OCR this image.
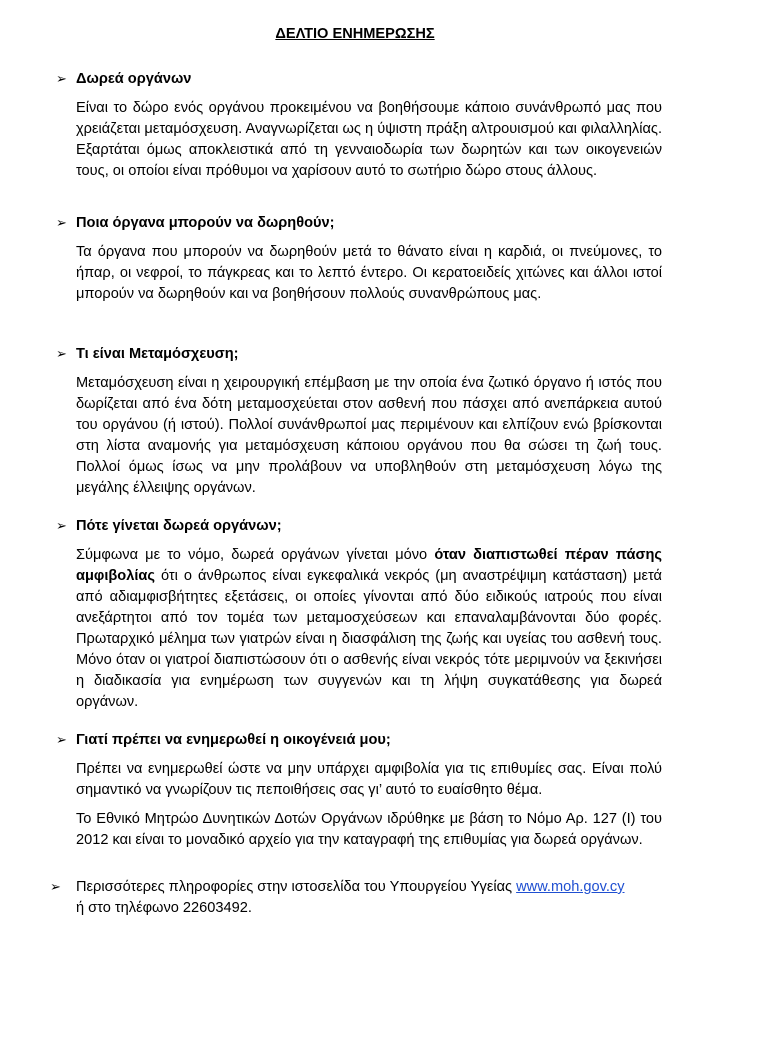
ΔΕΛΤΙΟ ΕΝΗΜΕΡΩΣΗΣ
➢ Δωρεά οργάνων

Είναι το δώρο ενός οργάνου προκειμένου να βοηθήσουμε κάποιο συνάνθρωπό μας που χρειάζεται μεταμόσχευση. Αναγνωρίζεται ως η ύψιστη πράξη αλτρουισμού και φιλαλληλίας. Εξαρτάται όμως αποκλειστικά από τη γενναιοδωρία των δωρητών και των οικογενειών τους, οι οποίοι είναι πρόθυμοι να χαρίσουν αυτό το σωτήριο δώρο στους άλλους.

➢ Ποια όργανα μπορούν να δωρηθούν;

Τα όργανα που μπορούν να δωρηθούν μετά το θάνατο είναι η καρδιά, οι πνεύμονες, το ήπαρ, οι νεφροί, το πάγκρεας και το λεπτό έντερο. Οι κερατοειδείς χιτώνες και άλλοι ιστοί μπορούν να δωρηθούν και να βοηθήσουν πολλούς συνανθρώπους μας.

➢ Τι είναι Μεταμόσχευση;

Μεταμόσχευση είναι η χειρουργική επέμβαση με την οποία ένα ζωτικό όργανο ή ιστός που δωρίζεται από ένα δότη μεταμοσχεύεται στον ασθενή που πάσχει από ανεπάρκεια αυτού του οργάνου (ή ιστού). Πολλοί συνάνθρωποί μας περιμένουν και ελπίζουν ενώ βρίσκονται στη λίστα αναμονής για μεταμόσχευση κάποιου οργάνου που θα σώσει τη ζωή τους. Πολλοί όμως ίσως να μην προλάβουν να υποβληθούν στη μεταμόσχευση λόγω της μεγάλης έλλειψης οργάνων.

➢ Πότε γίνεται δωρεά οργάνων;

Σύμφωνα με το νόμο, δωρεά οργάνων γίνεται μόνο όταν διαπιστωθεί πέραν πάσης αμφιβολίας ότι ο άνθρωπος είναι εγκεφαλικά νεκρός (μη αναστρέψιμη κατάσταση) μετά από αδιαμφισβήτητες εξετάσεις, οι οποίες γίνονται από δύο ειδικούς ιατρούς που είναι ανεξάρτητοι από τον τομέα των μεταμοσχεύσεων και επαναλαμβάνονται δύο φορές. Πρωταρχικό μέλημα των γιατρών είναι η διασφάλιση της ζωής και υγείας του ασθενή τους. Μόνο όταν οι γιατροί διαπιστώσουν ότι ο ασθενής είναι νεκρός τότε μεριμνούν να ξεκινήσει η διαδικασία για ενημέρωση των συγγενών και τη λήψη συγκατάθεσης για δωρεά οργάνων.

➢ Γιατί πρέπει να ενημερωθεί η οικογένειά μου;

Πρέπει να ενημερωθεί ώστε να μην υπάρχει αμφιβολία για τις επιθυμίες σας. Είναι πολύ σημαντικό να γνωρίζουν τις πεποιθήσεις σας γι’ αυτό το ευαίσθητο θέμα.

Το Εθνικό Μητρώο Δυνητικών Δοτών Οργάνων ιδρύθηκε με βάση το Νόμο Αρ. 127 (Ι) του 2012 και είναι το μοναδικό αρχείο για την καταγραφή της επιθυμίας για δωρεά οργάνων.

➢	Περισσότερες πληροφορίες στην ιστοσελίδα του Υπουργείου Υγείας www.moh.gov.cy
ή στο τηλέφωνο 22603492.
